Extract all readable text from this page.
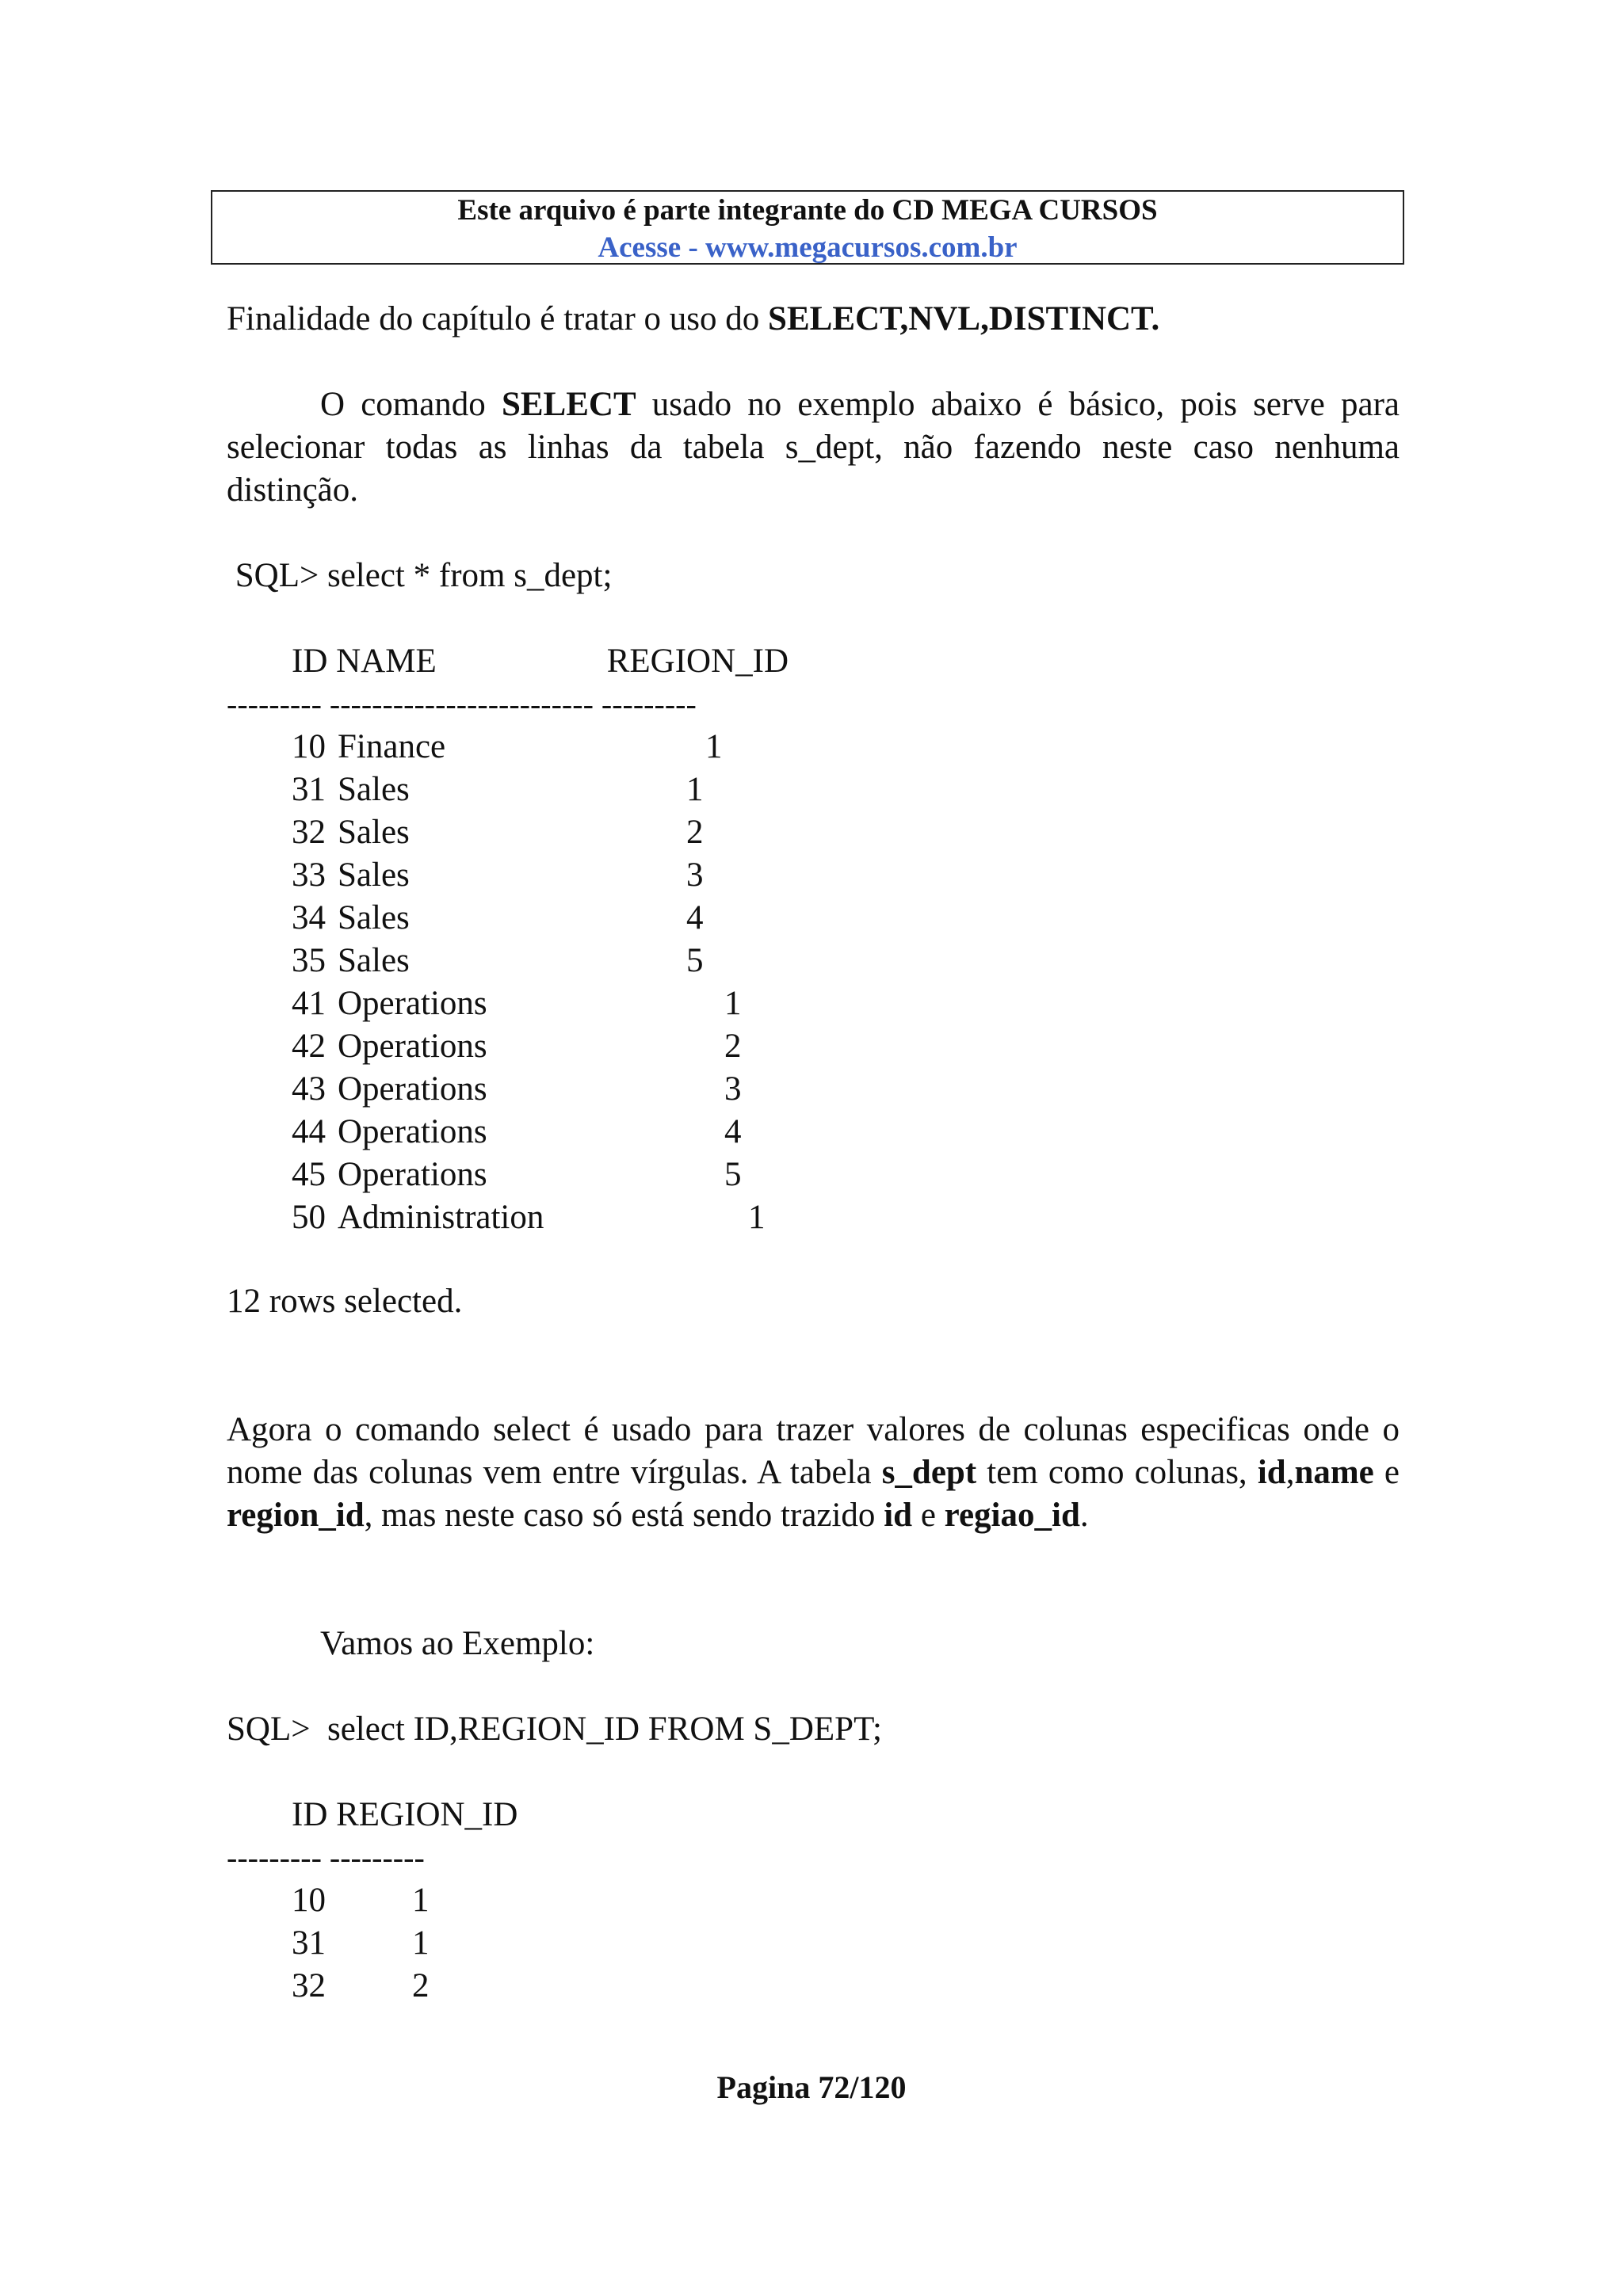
Este arquivo é parte integrante do CD MEGA CURSOS
Acesse - www.megacursos.com.br
Finalidade do capítulo é tratar o uso do SELECT,NVL,DISTINCT.
O comando SELECT usado no exemplo abaixo é básico, pois serve para selecionar todas as linhas da tabela s_dept, não fazendo neste caso nenhuma distinção.
SQL> select * from s_dept;
ID NAME                    REGION_ID
--------- ------------------------- ---------
10 Finance	1
31 Sales	1
32 Sales	2
33 Sales	3
34 Sales	4
35 Sales	5
41 Operations	1
42 Operations	2
43 Operations	3
44 Operations	4
45 Operations	5
50 Administration	1
12 rows selected.
Agora o comando select é usado para trazer valores de colunas especificas onde o nome das colunas vem entre vírgulas. A tabela s_dept tem como colunas, id,name e region_id, mas neste caso só está sendo trazido id e regiao_id.
Vamos ao Exemplo:
SQL>  select ID,REGION_ID FROM S_DEPT;
ID REGION_ID
--------- ---------
10	1
31	1
32	2
Pagina 72/120
